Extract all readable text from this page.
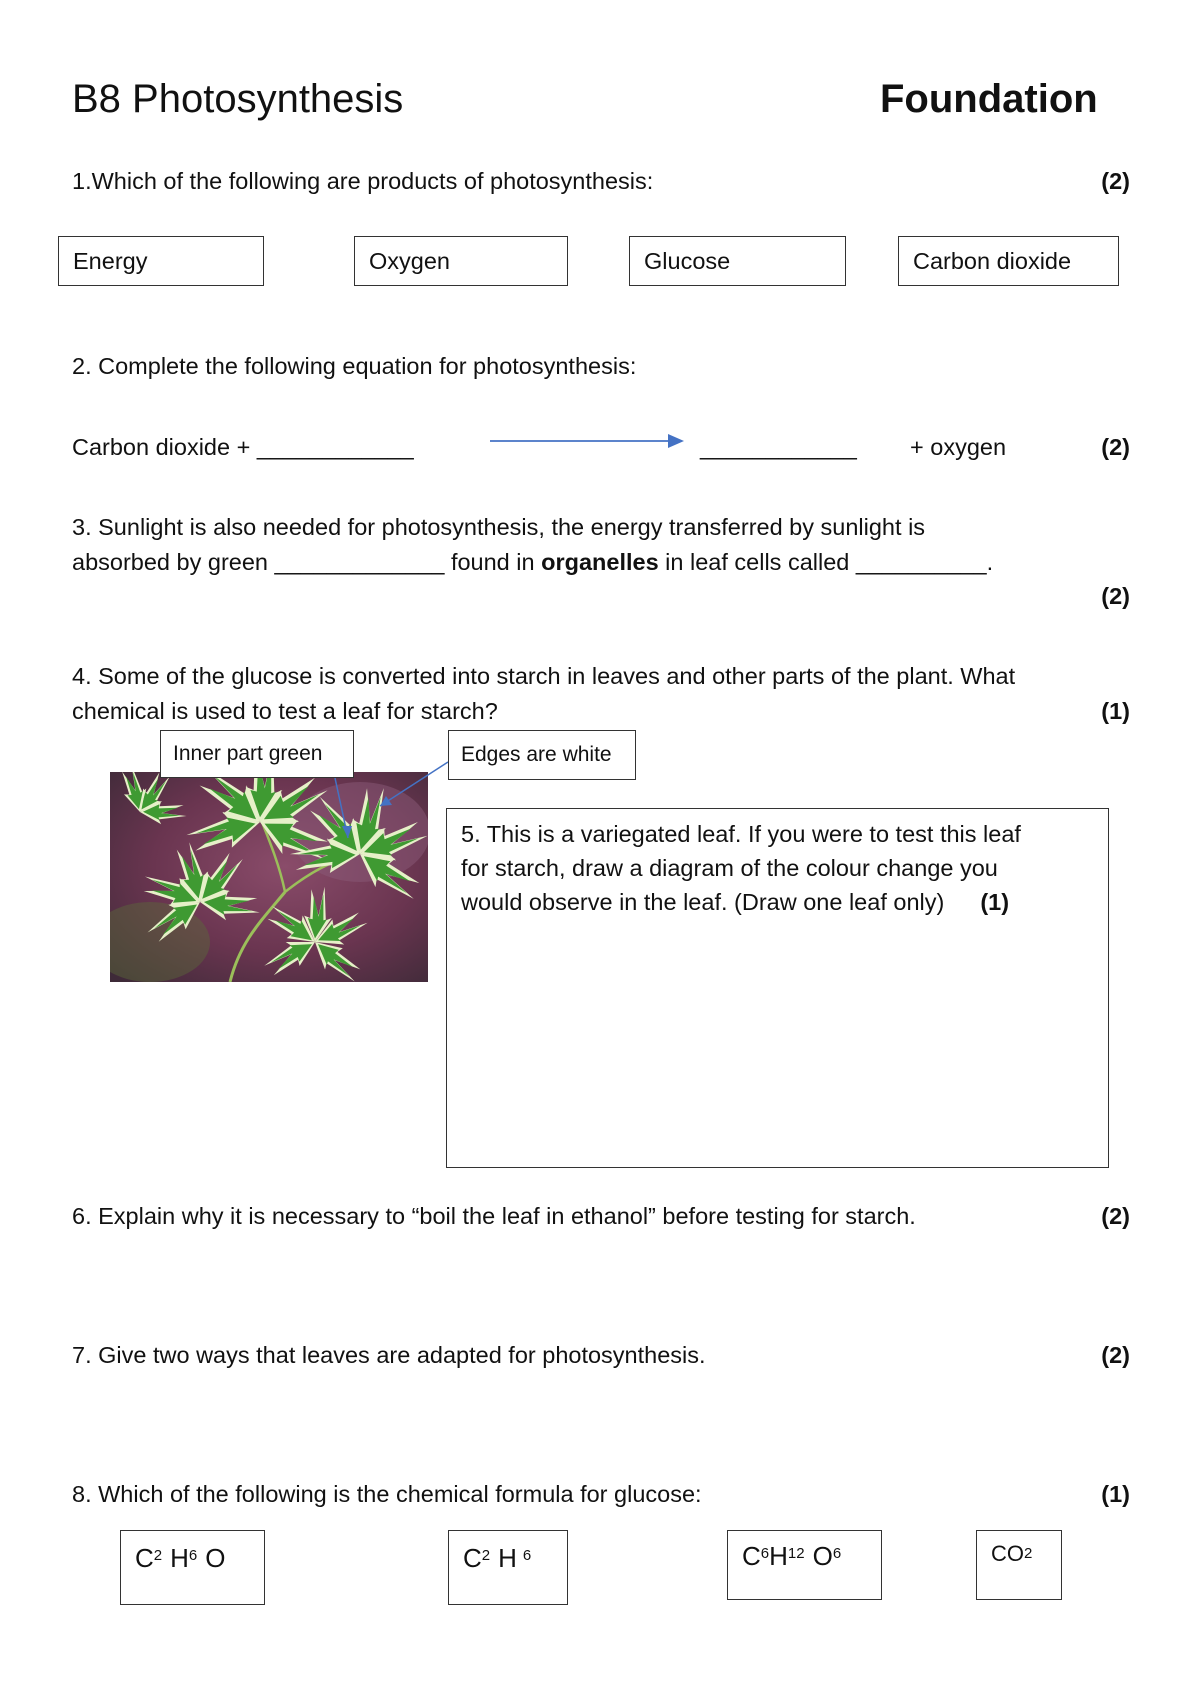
B8 Photosynthesis	Foundation
1.Which of the following are products of photosynthesis:	(2)
Energy	Oxygen	Glucose	Carbon dioxide
2. Complete the following equation for photosynthesis:
Carbon dioxide + ____________	____________ + oxygen	(2)
3. Sunlight is also needed for photosynthesis, the energy transferred by sunlight is
absorbed by green _____________ found in organelles in leaf cells called __________.
(2)
4. Some of the glucose is converted into starch in leaves and other parts of the plant. What
chemical is used to test a leaf for starch?	(1)
Inner part green	Edges are white
5. This is a variegated leaf. If you were to test this leaf
for starch, draw a diagram of the colour change you
would observe in the leaf. (Draw one leaf only) (1)
6. Explain why it is necessary to “boil the leaf in ethanol” before testing for starch.	(2)
7. Give two ways that leaves are adapted for photosynthesis.	(2)
8. Which of the following is the chemical formula for glucose:	(1)
$C_2$ $H_6$ O	$C_2$ H $_6$	$C_6$ $H_{12}$ $O_6$	$CO_2$
